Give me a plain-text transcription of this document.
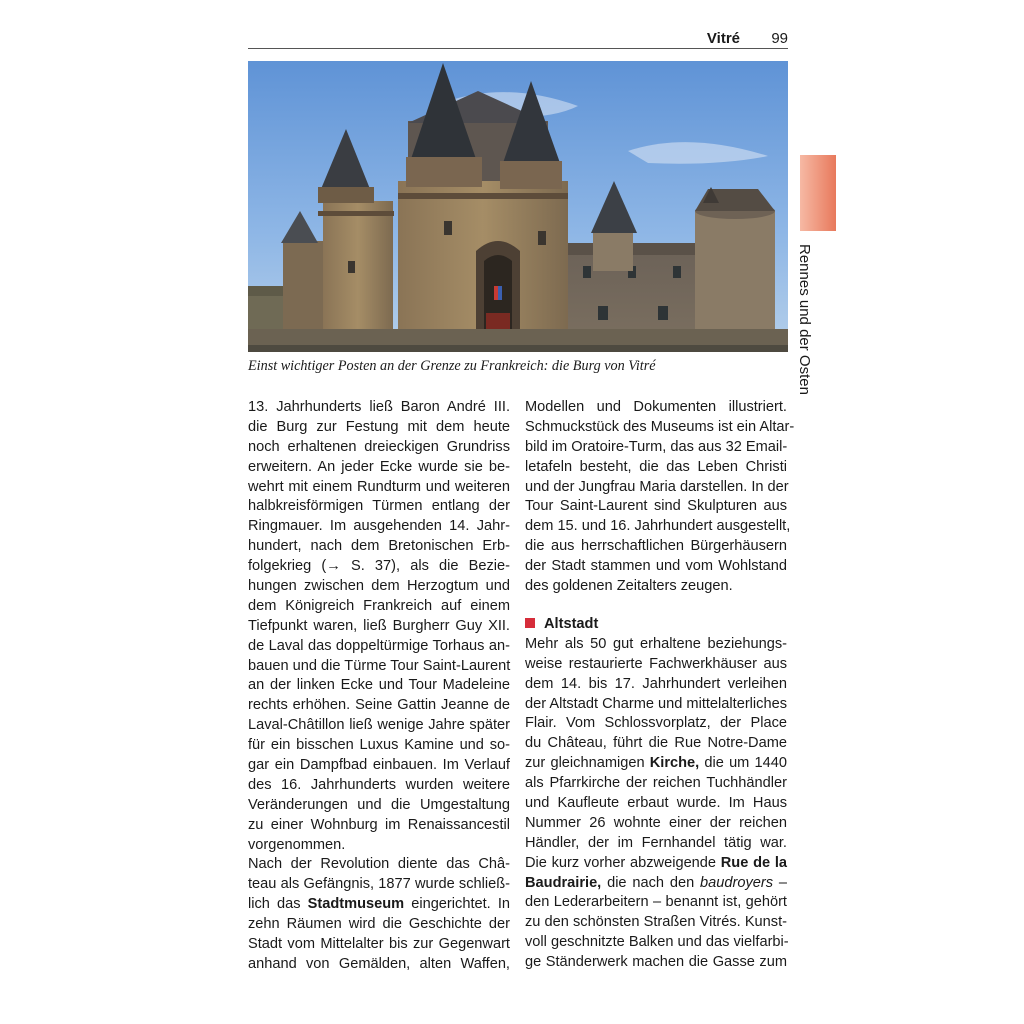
Vitré 99
Rennes und der Osten
Einst wichtiger Posten an der Grenze zu Frankreich: die Burg von Vitré
13. Jahrhunderts ließ Baron André III.
die Burg zur Festung mit dem heute
noch erhaltenen dreieckigen Grundriss
erweitern. An jeder Ecke wurde sie be-
wehrt mit einem Rundturm und weiteren
halbkreisförmigen Türmen entlang der
Ringmauer. Im ausgehenden 14. Jahr-
hundert, nach dem Bretonischen Erb-
folgekrieg (→ S. 37), als die Bezie-
hungen zwischen dem Herzogtum und
dem Königreich Frankreich auf einem
Tiefpunkt waren, ließ Burgherr Guy XII.
de Laval das doppeltürmige Torhaus an-
bauen und die Türme Tour Saint-Laurent
an der linken Ecke und Tour Madeleine
rechts erhöhen. Seine Gattin Jeanne de
Laval-Châtillon ließ wenige Jahre später
für ein bisschen Luxus Kamine und so-
gar ein Dampfbad einbauen. Im Verlauf
des 16. Jahrhunderts wurden weitere
Veränderungen und die Umgestaltung
zu einer Wohnburg im Renaissancestil
vorgenommen.
Nach der Revolution diente das Châ-
teau als Gefängnis, 1877 wurde schließ-
lich das Stadtmuseum eingerichtet. In
zehn Räumen wird die Geschichte der
Stadt vom Mittelalter bis zur Gegenwart
anhand von Gemälden, alten Waffen,
Modellen und Dokumenten illustriert.
Schmuckstück des Museums ist ein Altar-
bild im Oratoire-Turm, das aus 32 Email-
letafeln besteht, die das Leben Christi
und der Jungfrau Maria darstellen. In der
Tour Saint-Laurent sind Skulpturen aus
dem 15. und 16. Jahrhundert ausgestellt,
die aus herrschaftlichen Bürgerhäusern
der Stadt stammen und vom Wohlstand
des goldenen Zeitalters zeugen.
Altstadt
Mehr als 50 gut erhaltene beziehungs-
weise restaurierte Fachwerkhäuser aus
dem 14. bis 17. Jahrhundert verleihen
der Altstadt Charme und mittelalterliches
Flair. Vom Schlossvorplatz, der Place
du Château, führt die Rue Notre-Dame
zur gleichnamigen Kirche, die um 1440
als Pfarrkirche der reichen Tuchhändler
und Kaufleute erbaut wurde. Im Haus
Nummer 26 wohnte einer der reichen
Händler, der im Fernhandel tätig war.
Die kurz vorher abzweigende Rue de la
Baudrairie, die nach den baudroyers –
den Lederarbeitern – benannt ist, gehört
zu den schönsten Straßen Vitrés. Kunst-
voll geschnitzte Balken und das vielfarbi-
ge Ständerwerk machen die Gasse zum
